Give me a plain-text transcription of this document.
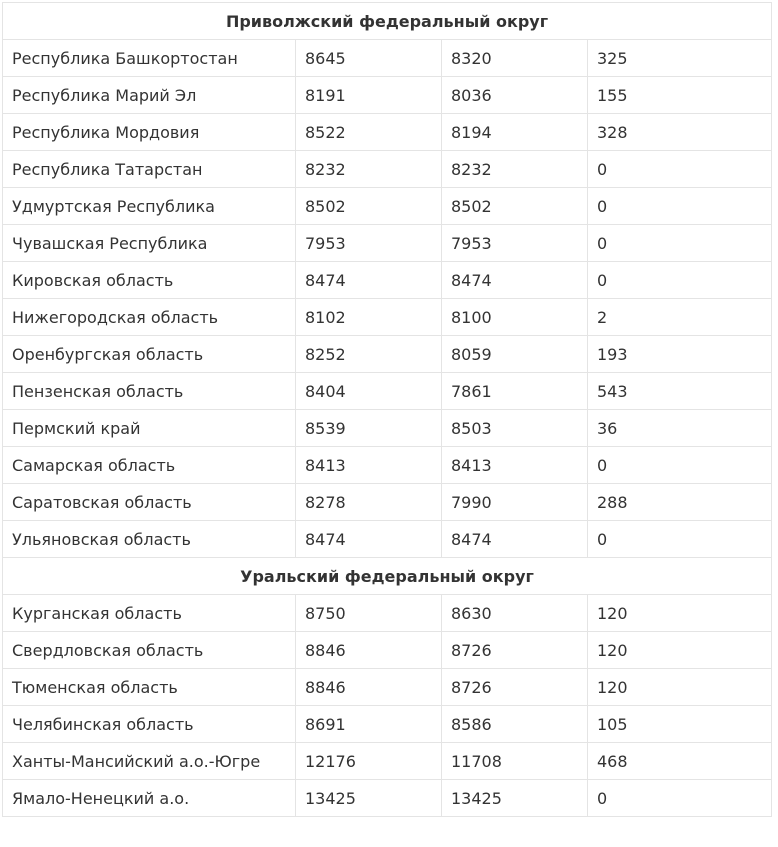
Приволжский федеральный округ			
Республика Башкортостан	8645	8320	325
Республика Марий Эл	8191	8036	155
Республика Мордовия	8522	8194	328
Республика Татарстан	8232	8232	0
Удмуртская Республика	8502	8502	0
Чувашская Республика	7953	7953	0
Кировская область	8474	8474	0
Нижегородская область	8102	8100	2
Оренбургская область	8252	8059	193
Пензенская область	8404	7861	543
Пермский край	8539	8503	36
Самарская область	8413	8413	0
Саратовская область	8278	7990	288
Ульяновская область	8474	8474	0
Уральский федеральный округ			
Курганская область	8750	8630	120
Свердловская область	8846	8726	120
Тюменская область	8846	8726	120
Челябинская область	8691	8586	105
Ханты-Мансийский а.о.-Югре	12176	11708	468
Ямало-Ненецкий а.о.	13425	13425	0
